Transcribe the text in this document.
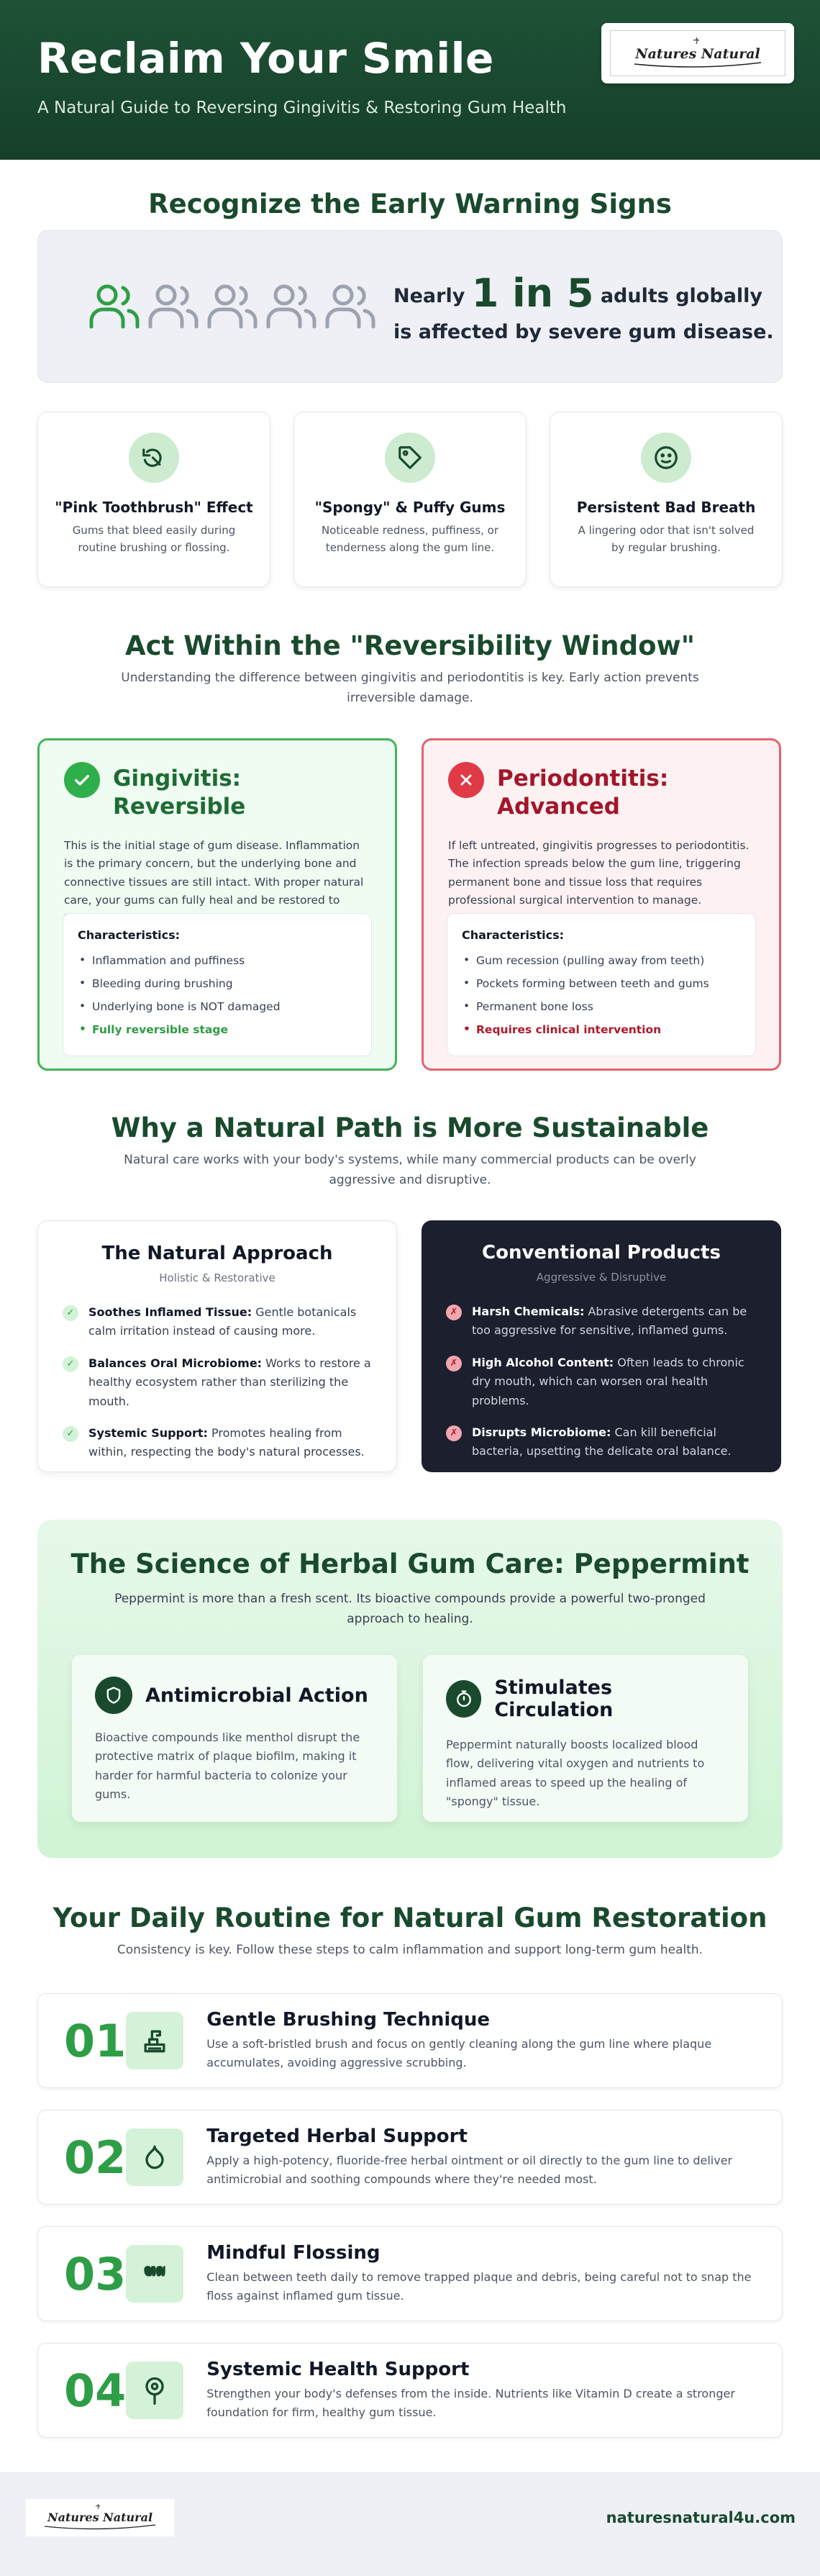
Reclaim Your Smile
A Natural Guide to Reversing Gingivitis & Restoring Gum Health
Natures Natural
Recognize the Early Warning Signs
Nearly 1 in 5 adults globally
is affected by severe gum disease.
"Pink Toothbrush" Effect

Gums that bleed easily during routine brushing or flossing.

"Spongy" & Puffy Gums

Noticeable redness, puffiness, or tenderness along the gum line.

Persistent Bad Breath

A lingering odor that isn't solved by regular brushing.

Act Within the "Reversibility Window"
Understanding the difference between gingivitis and periodontitis is key. Early action prevents irreversible damage.
Gingivitis: Reversible
This is the initial stage of gum disease. Inflammation is the primary concern, but the underlying bone and connective tissues are still intact. With proper natural care, your gums can fully heal and be restored to
Characteristics:
• Inflammation and puffiness
• Bleeding during brushing
• Underlying bone is NOT damaged
• Fully reversible stage
Periodontitis: Advanced
If left untreated, gingivitis progresses to periodontitis. The infection spreads below the gum line, triggering permanent bone and tissue loss that requires professional surgical intervention to manage.
Characteristics:
• Gum recession (pulling away from teeth)
• Pockets forming between teeth and gums
• Permanent bone loss
• Requires clinical intervention
Why a Natural Path is More Sustainable
Natural care works with your body's systems, while many commercial products can be overly aggressive and disruptive.
The Natural Approach
Holistic & Restorative
✓	Soothes Inflamed Tissue: Gentle botanicals calm irritation instead of causing more.
✓	Balances Oral Microbiome: Works to restore a healthy ecosystem rather than sterilizing the mouth.
✓	Systemic Support: Promotes healing from within, respecting the body's natural processes.
Conventional Products
Aggressive & Disruptive
✗	Harsh Chemicals: Abrasive detergents can be too aggressive for sensitive, inflamed gums.
✗	High Alcohol Content: Often leads to chronic dry mouth, which can worsen oral health problems.
✗	Disrupts Microbiome: Can kill beneficial bacteria, upsetting the delicate oral balance.
The Science of Herbal Gum Care: Peppermint
Peppermint is more than a fresh scent. Its bioactive compounds provide a powerful two-pronged approach to healing.
Antimicrobial Action

Bioactive compounds like menthol disrupt the protective matrix of plaque biofilm, making it harder for harmful bacteria to colonize your gums.

Stimulates Circulation

Peppermint naturally boosts localized blood flow, delivering vital oxygen and nutrients to inflamed areas to speed up the healing of "spongy" tissue.

Your Daily Routine for Natural Gum Restoration
Consistency is key. Follow these steps to calm inflammation and support long-term gum health.
01	Gentle Brushing Technique

Use a soft-bristled brush and focus on gently cleaning along the gum line where plaque accumulates, avoiding aggressive scrubbing.

02	Targeted Herbal Support

Apply a high-potency, fluoride-free herbal ointment or oil directly to the gum line to deliver antimicrobial and soothing compounds where they're needed most.

03	Mindful Flossing

Clean between teeth daily to remove trapped plaque and debris, being careful not to snap the floss against inflamed gum tissue.

04	Systemic Health Support

Strengthen your body's defenses from the inside. Nutrients like Vitamin D create a stronger foundation for firm, healthy gum tissue.

Natures Natural	naturesnatural4u.com
